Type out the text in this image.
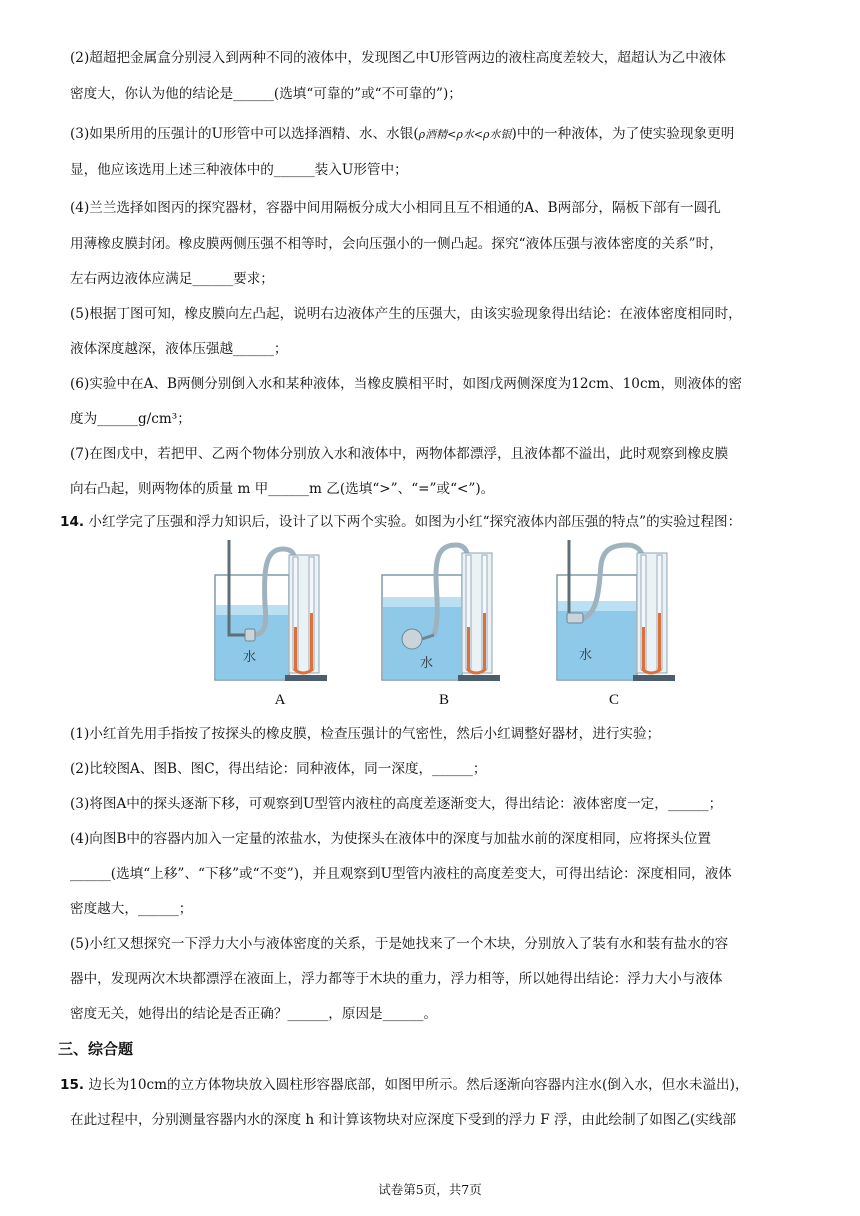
(2)超超把金属盒分别浸入到两种不同的液体中，发现图乙中U形管两边的液柱高度差较大，超超认为乙中液体
密度大，你认为他的结论是______(选填“可靠的”或“不可靠的”)；
(3)如果所用的压强计的U形管中可以选择酒精、水、水银(ρ酒精<ρ水<ρ水银)中的一种液体，为了使实验现象更明
显，他应该选用上述三种液体中的______装入U形管中；
(4)兰兰选择如图丙的探究器材，容器中间用隔板分成大小相同且互不相通的A、B两部分，隔板下部有一圆孔
用薄橡皮膜封闭。橡皮膜两侧压强不相等时，会向压强小的一侧凸起。探究“液体压强与液体密度的关系”时，
左右两边液体应满足______要求；
(5)根据丁图可知，橡皮膜向左凸起，说明右边液体产生的压强大，由该实验现象得出结论：在液体密度相同时，
液体深度越深，液体压强越______；
(6)实验中在A、B两侧分别倒入水和某种液体，当橡皮膜相平时，如图戊两侧深度为12cm、10cm，则液体的密
度为______g/cm³；
(7)在图戊中，若把甲、乙两个物体分别放入水和液体中，两物体都漂浮，且液体都不溢出，此时观察到橡皮膜
向右凸起，则两物体的质量 m 甲______m 乙(选填“>”、“=”或“<”)。
14. 小红学完了压强和浮力知识后，设计了以下两个实验。如图为小红“探究液体内部压强的特点”的实验过程图：
水
A
水
B
水
C
(1)小红首先用手指按了按探头的橡皮膜，检查压强计的气密性，然后小红调整好器材，进行实验；
(2)比较图A、图B、图C，得出结论：同种液体，同一深度，______；
(3)将图A中的探头逐渐下移，可观察到U型管内液柱的高度差逐渐变大，得出结论：液体密度一定，______；
(4)向图B中的容器内加入一定量的浓盐水，为使探头在液体中的深度与加盐水前的深度相同，应将探头位置
______(选填“上移”、“下移”或“不变”)，并且观察到U型管内液柱的高度差变大，可得出结论：深度相同，液体
密度越大，______；
(5)小红又想探究一下浮力大小与液体密度的关系，于是她找来了一个木块，分别放入了装有水和装有盐水的容
器中，发现两次木块都漂浮在液面上，浮力都等于木块的重力，浮力相等，所以她得出结论：浮力大小与液体
密度无关，她得出的结论是否正确？______，原因是______。
三、综合题
15. 边长为10cm的立方体物块放入圆柱形容器底部，如图甲所示。然后逐渐向容器内注水(倒入水，但水未溢出)，
在此过程中，分别测量容器内水的深度 h 和计算该物块对应深度下受到的浮力 F 浮，由此绘制了如图乙(实线部
试卷第5页，共7页
